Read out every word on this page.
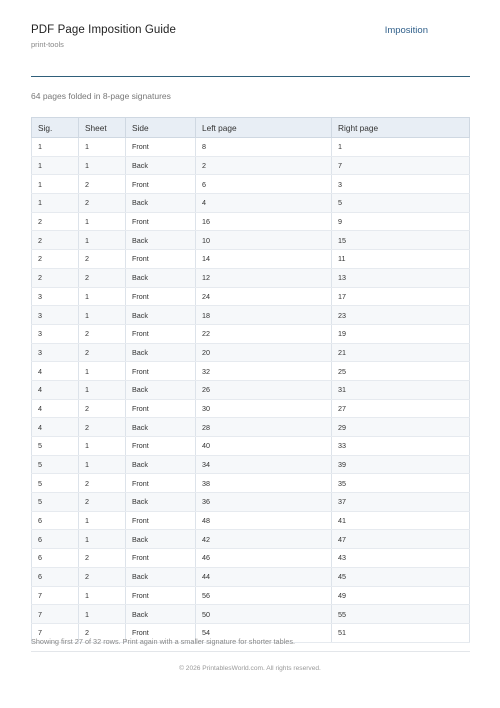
PDF Page Imposition Guide
print-tools
Imposition
64 pages folded in 8-page signatures
Sig.	Sheet	Side	Left page	Right page
1	1	Front	8	1
1	1	Back	2	7
1	2	Front	6	3
1	2	Back	4	5
2	1	Front	16	9
2	1	Back	10	15
2	2	Front	14	11
2	2	Back	12	13
3	1	Front	24	17
3	1	Back	18	23
3	2	Front	22	19
3	2	Back	20	21
4	1	Front	32	25
4	1	Back	26	31
4	2	Front	30	27
4	2	Back	28	29
5	1	Front	40	33
5	1	Back	34	39
5	2	Front	38	35
5	2	Back	36	37
6	1	Front	48	41
6	1	Back	42	47
6	2	Front	46	43
6	2	Back	44	45
7	1	Front	56	49
7	1	Back	50	55
7	2	Front	54	51
Showing first 27 of 32 rows. Print again with a smaller signature for shorter tables.
© 2026 PrintablesWorld.com. All rights reserved.
